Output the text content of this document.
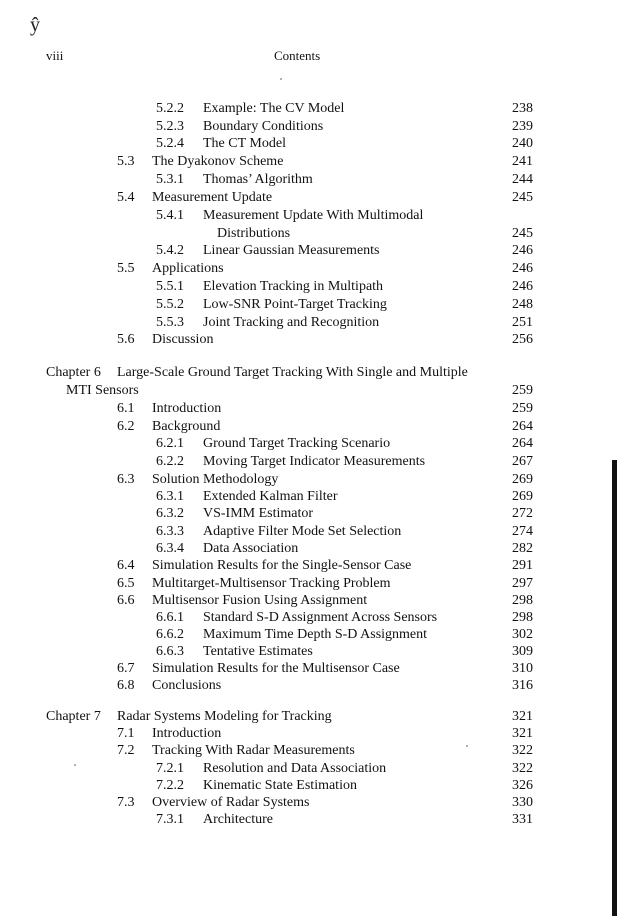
ŷ
viii	Contents
5.2.2 Example: The CV Model	238
5.2.3 Boundary Conditions	239
5.2.4 The CT Model	240
5.3 The Dyakonov Scheme	241
5.3.1 Thomas’ Algorithm	244
5.4 Measurement Update	245
5.4.1 Measurement Update With Multimodal
Distributions	245
5.4.2 Linear Gaussian Measurements	246
5.5 Applications	246
5.5.1 Elevation Tracking in Multipath	246
5.5.2 Low-SNR Point-Target Tracking	248
5.5.3 Joint Tracking and Recognition	251
5.6 Discussion	256
Chapter 6 Large-Scale Ground Target Tracking With Single and Multiple
MTI Sensors	259
6.1 Introduction	259
6.2 Background	264
6.2.1 Ground Target Tracking Scenario	264
6.2.2 Moving Target Indicator Measurements	267
6.3 Solution Methodology	269
6.3.1 Extended Kalman Filter	269
6.3.2 VS-IMM Estimator	272
6.3.3 Adaptive Filter Mode Set Selection	274
6.3.4 Data Association	282
6.4 Simulation Results for the Single-Sensor Case	291
6.5 Multitarget-Multisensor Tracking Problem	297
6.6 Multisensor Fusion Using Assignment	298
6.6.1 Standard S-D Assignment Across Sensors	298
6.6.2 Maximum Time Depth S-D Assignment	302
6.6.3 Tentative Estimates	309
6.7 Simulation Results for the Multisensor Case	310
6.8 Conclusions	316
Chapter 7 Radar Systems Modeling for Tracking	321
7.1 Introduction	321
7.2 Tracking With Radar Measurements	322
7.2.1 Resolution and Data Association	322
7.2.2 Kinematic State Estimation	326
7.3 Overview of Radar Systems	330
7.3.1 Architecture	331
